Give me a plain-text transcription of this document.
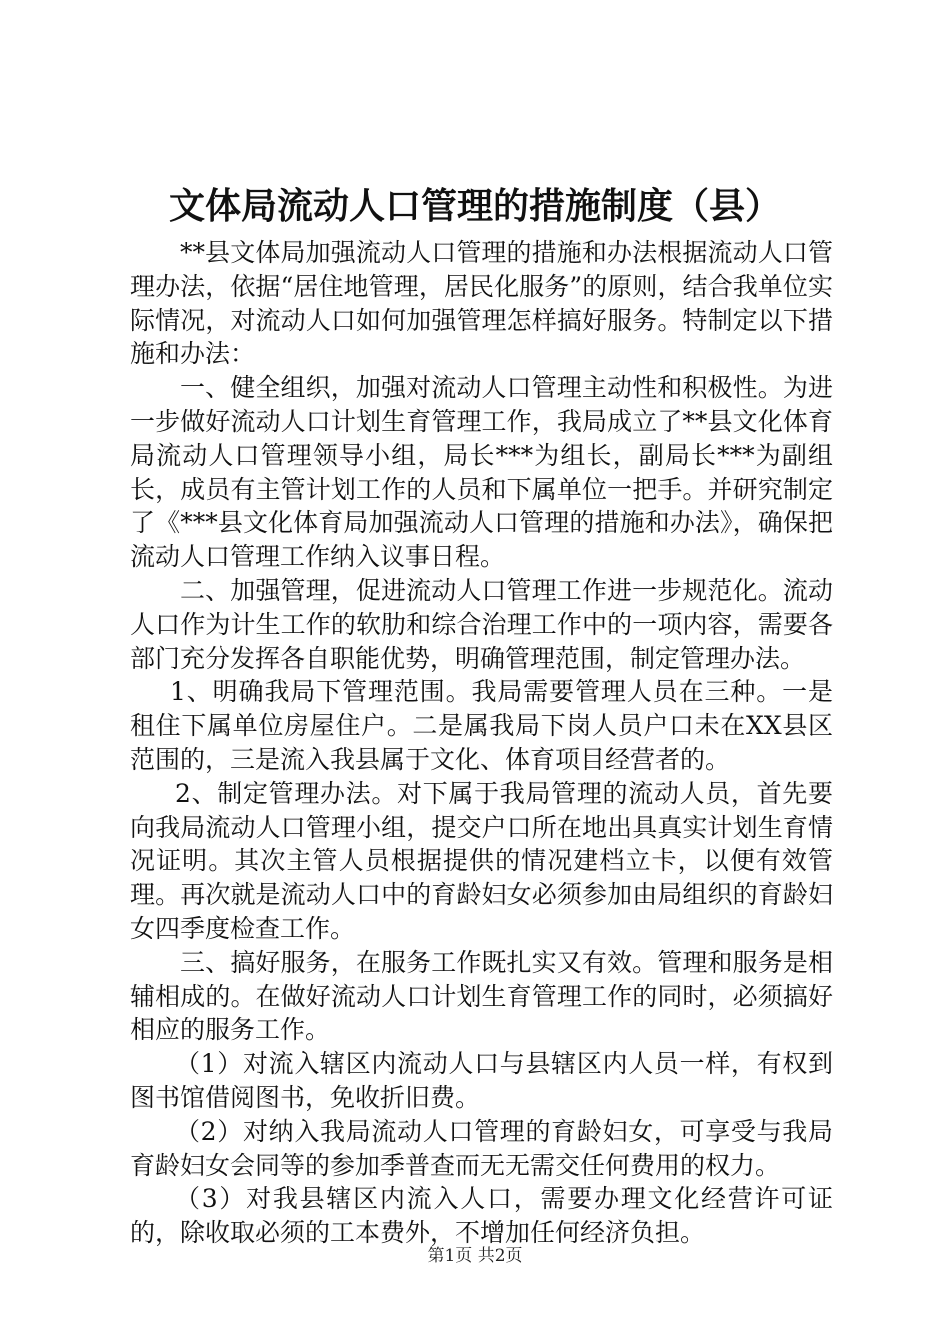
文体局流动人口管理的措施制度（县）

**县文体局加强流动人口管理的措施和办法根据流动人口管理办法，依据“居住地管理，居民化服务”的原则，结合我单位实际情况，对流动人口如何加强管理怎样搞好服务。特制定以下措施和办法：

一、健全组织，加强对流动人口管理主动性和积极性。为进一步做好流动人口计划生育管理工作，我局成立了**县文化体育局流动人口管理领导小组，局长***为组长，副局长***为副组长，成员有主管计划工作的人员和下属单位一把手。并研究制定了《***县文化体育局加强流动人口管理的措施和办法》，确保把流动人口管理工作纳入议事日程。

二、加强管理，促进流动人口管理工作进一步规范化。流动人口作为计生工作的软肋和综合治理工作中的一项内容，需要各部门充分发挥各自职能优势，明确管理范围，制定管理办法。

1、明确我局下管理范围。我局需要管理人员在三种。一是租住下属单位房屋住户。二是属我局下岗人员户口未在XX县区范围的，三是流入我县属于文化、体育项目经营者的。

2、制定管理办法。对下属于我局管理的流动人员，首先要向我局流动人口管理小组，提交户口所在地出具真实计划生育情况证明。其次主管人员根据提供的情况建档立卡，以便有效管理。再次就是流动人口中的育龄妇女必须参加由局组织的育龄妇女四季度检查工作。

三、搞好服务，在服务工作既扎实又有效。管理和服务是相辅相成的。在做好流动人口计划生育管理工作的同时，必须搞好相应的服务工作。

（1）对流入辖区内流动人口与县辖区内人员一样，有权到图书馆借阅图书，免收折旧费。

（2）对纳入我局流动人口管理的育龄妇女，可享受与我局育龄妇女会同等的参加季普查而无无需交任何费用的权力。

（3）对我县辖区内流入人口，需要办理文化经营许可证的，除收取必须的工本费外，不增加任何经济负担。

第1页 共2页
